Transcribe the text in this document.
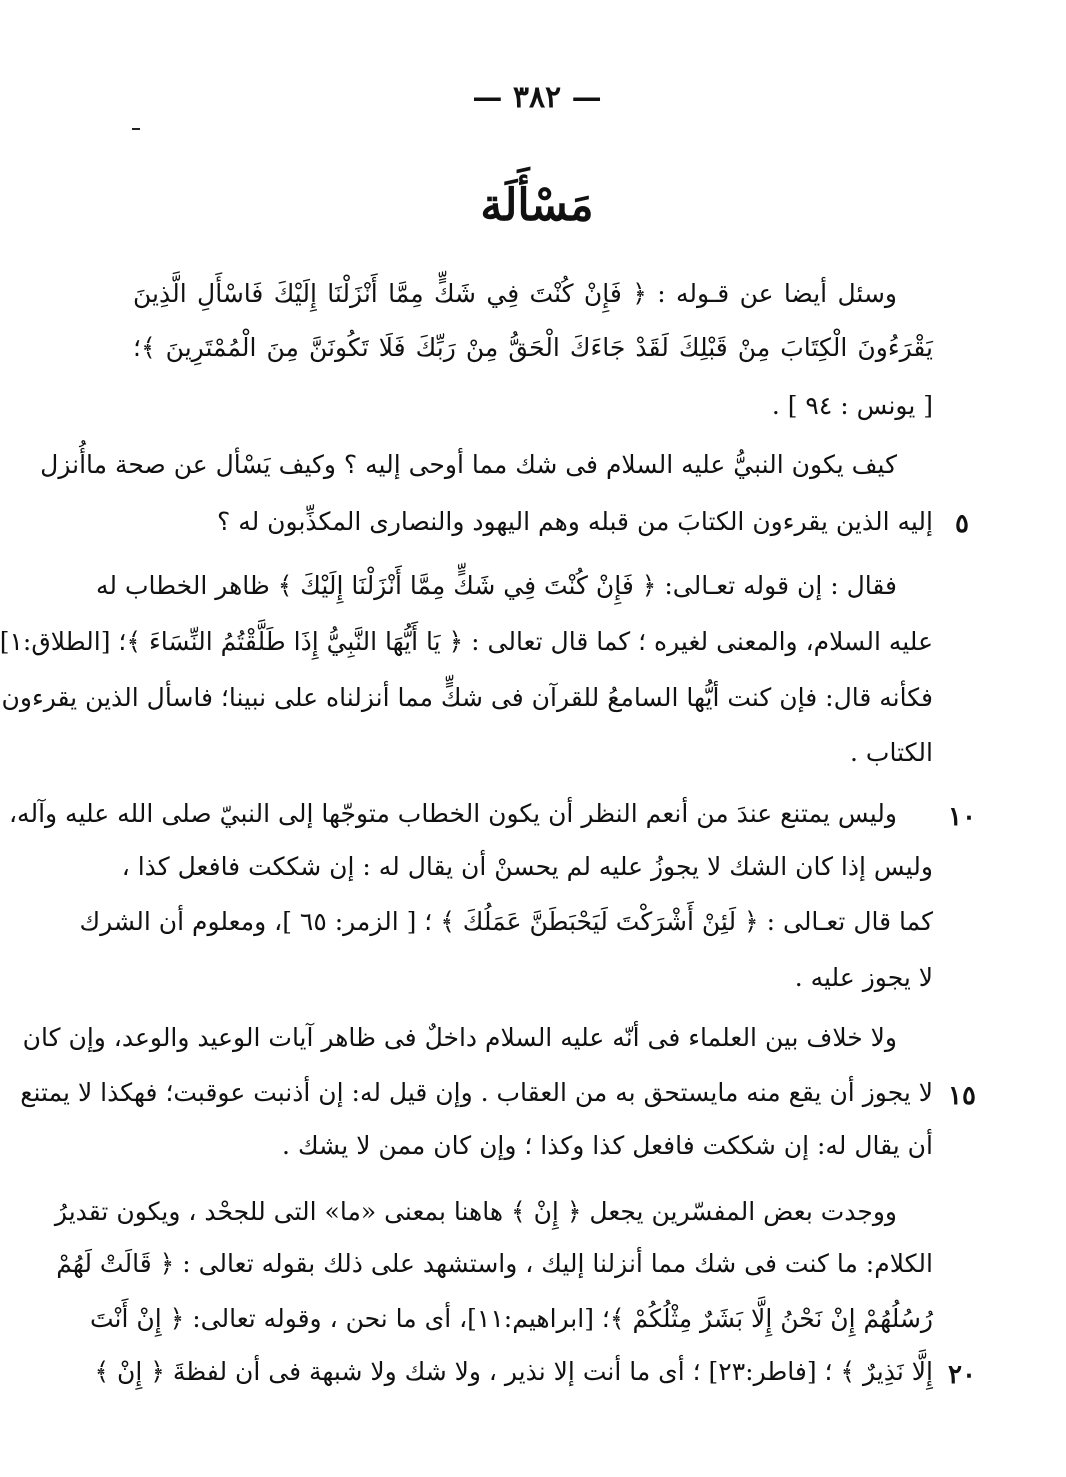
— ٣٨٢ —
مَسْأَلَة
وسئل أيضا عن قـوله : ﴿ فَإِنْ كُنْتَ فِي شَكٍّ مِمَّا أَنْزَلْنَا إِلَيْكَ فَاسْأَلِ الَّذِينَ
يَقْرَءُونَ الْكِتَابَ مِنْ قَبْلِكَ لَقَدْ جَاءَكَ الْحَقُّ مِنْ رَبِّكَ فَلَا تَكُونَنَّ مِنَ الْمُمْتَرِينَ ﴾؛
[ يونس : ٩٤ ] .
كيف يكون النبيُّ عليه السلام فى شك مما أوحى إليه ؟ وكيف يَسْأل عن صحة ماأُنزل
إليه الذين يقرءون الكتابَ من قبله وهم اليهود والنصارى المكذِّبون له ؟ ٥
فقال : إن قوله تعـالى: ﴿ فَإِنْ كُنْتَ فِي شَكٍّ مِمَّا أَنْزَلْنَا إِلَيْكَ ﴾ ظاهر الخطاب له
عليه السلام، والمعنى لغيره ؛ كما قال تعالى : ﴿ يَا أَيُّهَا النَّبِيُّ إِذَا طَلَّقْتُمُ النِّسَاءَ ﴾؛ [الطلاق:١]
فكأنه قال: فإن كنت أيُّها السامعُ للقرآن فى شكٍّ مما أنزلناه على نبينا؛ فاسأل الذين يقرءون
الكتاب .
وليس يمتنع عندَ من أنعم النظر أن يكون الخطاب متوجّها إلى النبيّ صلى الله عليه وآله،	١٠
وليس إذا كان الشك لا يجوزُ عليه لم يحسنْ أن يقال له : إن شككت فافعل كذا ،
كما قال تعـالى : ﴿ لَئِنْ أَشْرَكْتَ لَيَحْبَطَنَّ عَمَلُكَ ﴾ ؛ [ الزمر: ٦٥ ]، ومعلوم أن الشرك
لا يجوز عليه .
ولا خلاف بين العلماء فى أنّه عليه السلام داخلٌ فى ظاهر آيات الوعيد والوعد، وإن كان
لا يجوز أن يقع منه مايستحق به من العقاب . وإن قيل له: إن أذنبت عوقبت؛ فهكذا لا يمتنع ١٥
أن يقال له: إن شككت فافعل كذا وكذا ؛ وإن كان ممن لا يشك .
ووجدت بعض المفسّرين يجعل ﴿ إِنْ ﴾ هاهنا بمعنى «ما» التى للجحْد ، ويكون تقديرُ
الكلام: ما كنت فى شك مما أنزلنا إليك ، واستشهد على ذلك بقوله تعالى : ﴿ قَالَتْ لَهُمْ
رُسُلُهُمْ إِنْ نَحْنُ إِلَّا بَشَرٌ مِثْلُكُمْ ﴾؛ [ابراهيم:١١]، أى ما نحن ، وقوله تعالى: ﴿ إِنْ أَنْتَ
إِلَّا نَذِيرٌ ﴾ ؛ [فاطر:٢٣] ؛ أى ما أنت إلا نذير ، ولا شك ولا شبهة فى أن لفظةَ ﴿ إِنْ ﴾ ٢٠
